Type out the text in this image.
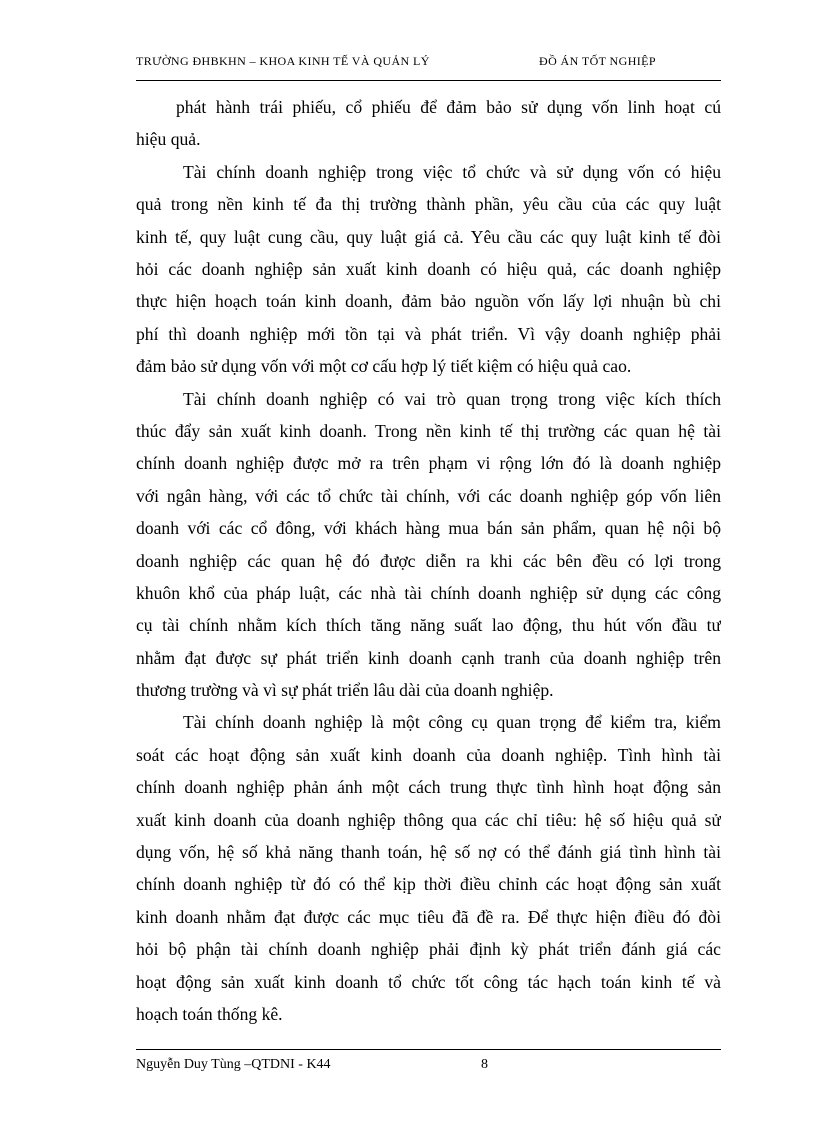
TRƯỜNG ĐHBKHN – KHOA KINH TẾ VÀ QUẢN LÝ	ĐỒ ÁN TỐT NGHIỆP
phát hành trái phiếu, cổ phiếu để đảm bảo sử dụng vốn linh hoạt cú
hiệu quả.
Tài chính doanh nghiệp trong việc tổ chức và sử dụng vốn có hiệu
quả trong nền kinh tế đa thị trường thành phần, yêu cầu của các quy luật
kinh tế, quy luật cung cầu, quy luật giá cả. Yêu cầu các quy luật kinh tế đòi
hỏi các doanh nghiệp sản xuất kinh doanh có hiệu quả, các doanh nghiệp
thực hiện hoạch toán kinh doanh, đảm bảo nguồn vốn lấy lợi nhuận bù chi
phí thì doanh nghiệp mới tồn tại và phát triển. Vì vậy doanh nghiệp phải
đảm bảo sử dụng vốn với một cơ cấu hợp lý tiết kiệm có hiệu quả cao.
Tài chính doanh nghiệp có vai trò quan trọng trong việc kích thích
thúc đẩy sản xuất kinh doanh. Trong nền kinh tế thị trường các quan hệ tài
chính doanh nghiệp được mở ra trên phạm vi rộng lớn đó là doanh nghiệp
với ngân hàng, với các tổ chức tài chính, với các doanh nghiệp góp vốn liên
doanh với các cổ đông, với khách hàng mua bán sản phẩm, quan hệ nội bộ
doanh nghiệp các quan hệ đó được diễn ra khi các bên đều có lợi trong
khuôn khổ của pháp luật, các nhà tài chính doanh nghiệp sử dụng các công
cụ tài chính nhằm kích thích tăng năng suất lao động, thu hút vốn đầu tư
nhằm đạt được sự phát triển kinh doanh cạnh tranh của doanh nghiệp trên
thương trường và vì sự phát triển lâu dài của doanh nghiệp.
Tài chính doanh nghiệp là một công cụ quan trọng để kiểm tra, kiểm
soát các hoạt động sản xuất kinh doanh của doanh nghiệp. Tình hình tài
chính doanh nghiệp phản ánh một cách trung thực tình hình hoạt động sản
xuất kinh doanh của doanh nghiệp thông qua các chỉ tiêu: hệ số hiệu quả sử
dụng vốn, hệ số khả năng thanh toán, hệ số nợ có thể đánh giá tình hình tài
chính doanh nghiệp từ đó có thể kịp thời điều chỉnh các hoạt động sản xuất
kinh doanh nhằm đạt được các mục tiêu đã đề ra. Để thực hiện điều đó đòi
hỏi bộ phận tài chính doanh nghiệp phải định kỳ phát triển đánh giá các
hoạt động sản xuất kinh doanh tổ chức tốt công tác hạch toán kinh tế và
hoạch toán thống kê.
Nguyễn Duy Tùng –QTDNI - K44	8
